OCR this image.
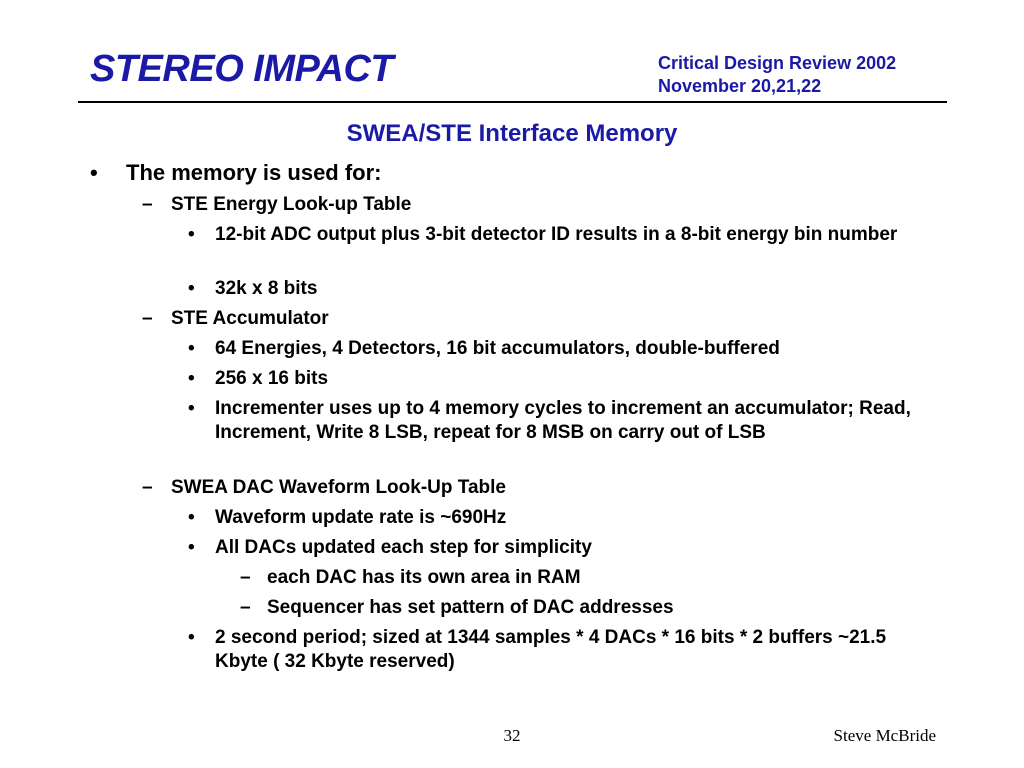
STEREO IMPACT	Critical Design Review 2002
November 20,21,22
SWEA/STE Interface Memory
• The memory is used for:
– STE Energy Look-up Table
• 12-bit ADC output plus 3-bit detector ID results in a 8-bit energy bin number
• 32k x 8 bits
– STE Accumulator
• 64 Energies, 4 Detectors, 16 bit accumulators, double-buffered
• 256 x 16 bits
• Incrementer uses up to 4 memory cycles to increment an accumulator; Read, Increment, Write 8 LSB, repeat for 8 MSB on carry out of LSB
– SWEA DAC Waveform Look-Up Table
• Waveform update rate is ~690Hz
• All DACs updated each step for simplicity
– each DAC has its own area in RAM
– Sequencer has set pattern of DAC addresses
• 2 second period; sized at 1344 samples * 4 DACs * 16 bits * 2 buffers ~21.5 Kbyte ( 32 Kbyte reserved)
32	Steve McBride
